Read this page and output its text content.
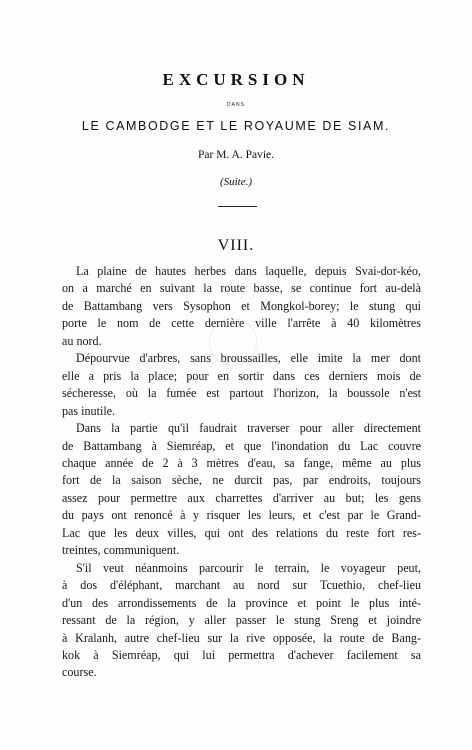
EXCURSION
DANS
LE CAMBODGE ET LE ROYAUME DE SIAM.
Par M. A. Pavie.
(Suite.)
VIII.
La plaine de hautes herbes dans laquelle, depuis Svai-dor-kéo,
on a marché en suivant la route basse, se continue fort au-delà
de Battambang vers Sysophon et Mongkol-borey; le stung qui
porte le nom de cette dernière ville l'arrête à 40 kilomètres
au nord.
Dépourvue d'arbres, sans broussailles, elle imite la mer dont
elle a pris la place; pour en sortir dans ces derniers mois de
sécheresse, où la fumée est partout l'horizon, la boussole n'est
pas inutile.
Dans la partie qu'il faudrait traverser pour aller directement
de Battambang à Siemréap, et que l'inondation du Lac couvre
chaque année de 2 à 3 mètres d'eau, sa fange, même au plus
fort de la saison sèche, ne durcit pas, par endroits, toujours
assez pour permettre aux charrettes d'arriver au but; les gens
du pays ont renoncé à y risquer les leurs, et c'est par le Grand-
Lac que les deux villes, qui ont des relations du reste fort res-
treintes, communiquent.
S'il veut néanmoins parcourir le terrain, le voyageur peut,
à dos d'éléphant, marchant au nord sur Tcuethio, chef-lieu
d'un des arrondissements de la province et point le plus inté-
ressant de la région, y aller passer le stung Sreng et joindre
à Kralanh, autre chef-lieu sur la rive opposée, la route de Bang-
kok à Siemréap, qui lui permettra d'achever facilement sa
course.
